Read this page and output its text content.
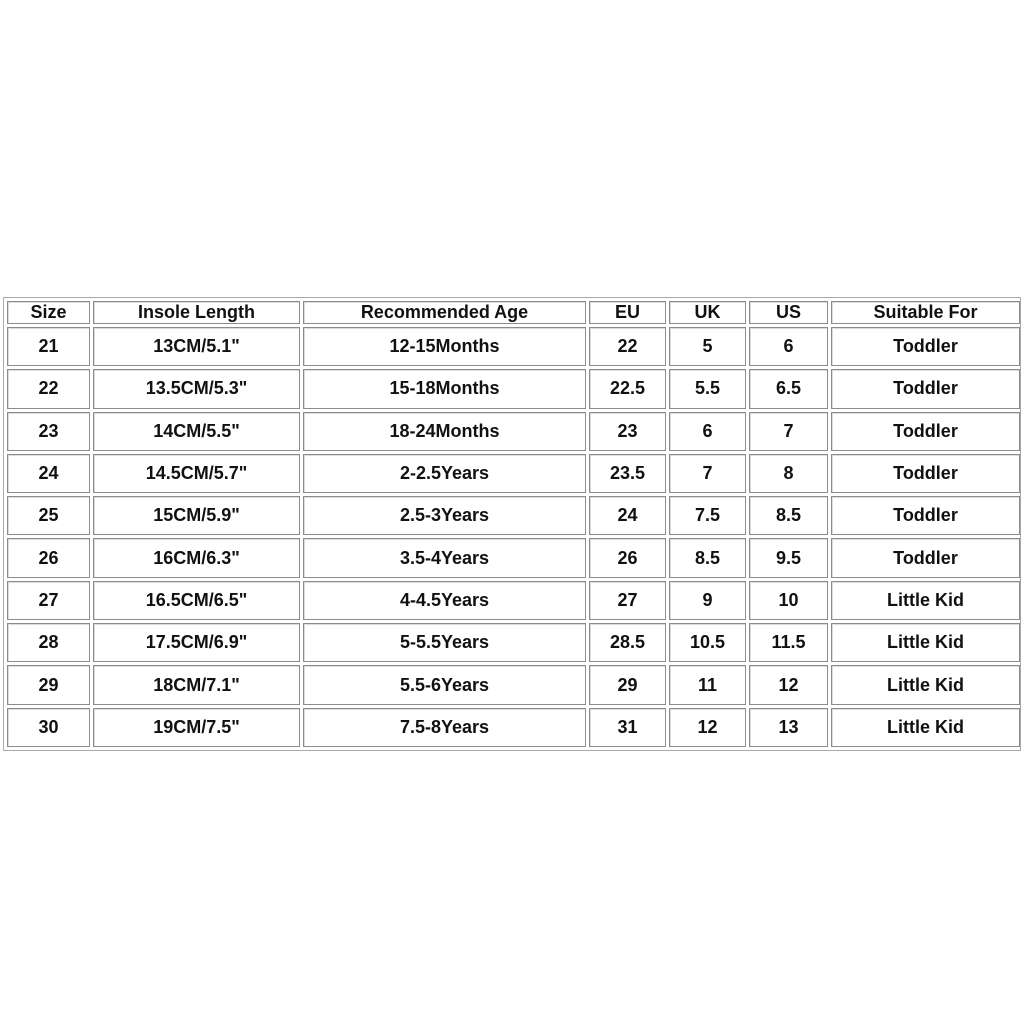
Size	Insole Length	Recommended Age	EU	UK	US	Suitable For
21	13CM/5.1"	12-15Months	22	5	6	Toddler
22	13.5CM/5.3"	15-18Months	22.5	5.5	6.5	Toddler
23	14CM/5.5"	18-24Months	23	6	7	Toddler
24	14.5CM/5.7"	2-2.5Years	23.5	7	8	Toddler
25	15CM/5.9"	2.5-3Years	24	7.5	8.5	Toddler
26	16CM/6.3"	3.5-4Years	26	8.5	9.5	Toddler
27	16.5CM/6.5"	4-4.5Years	27	9	10	Little Kid
28	17.5CM/6.9"	5-5.5Years	28.5	10.5	11.5	Little Kid
29	18CM/7.1"	5.5-6Years	29	11	12	Little Kid
30	19CM/7.5"	7.5-8Years	31	12	13	Little Kid
